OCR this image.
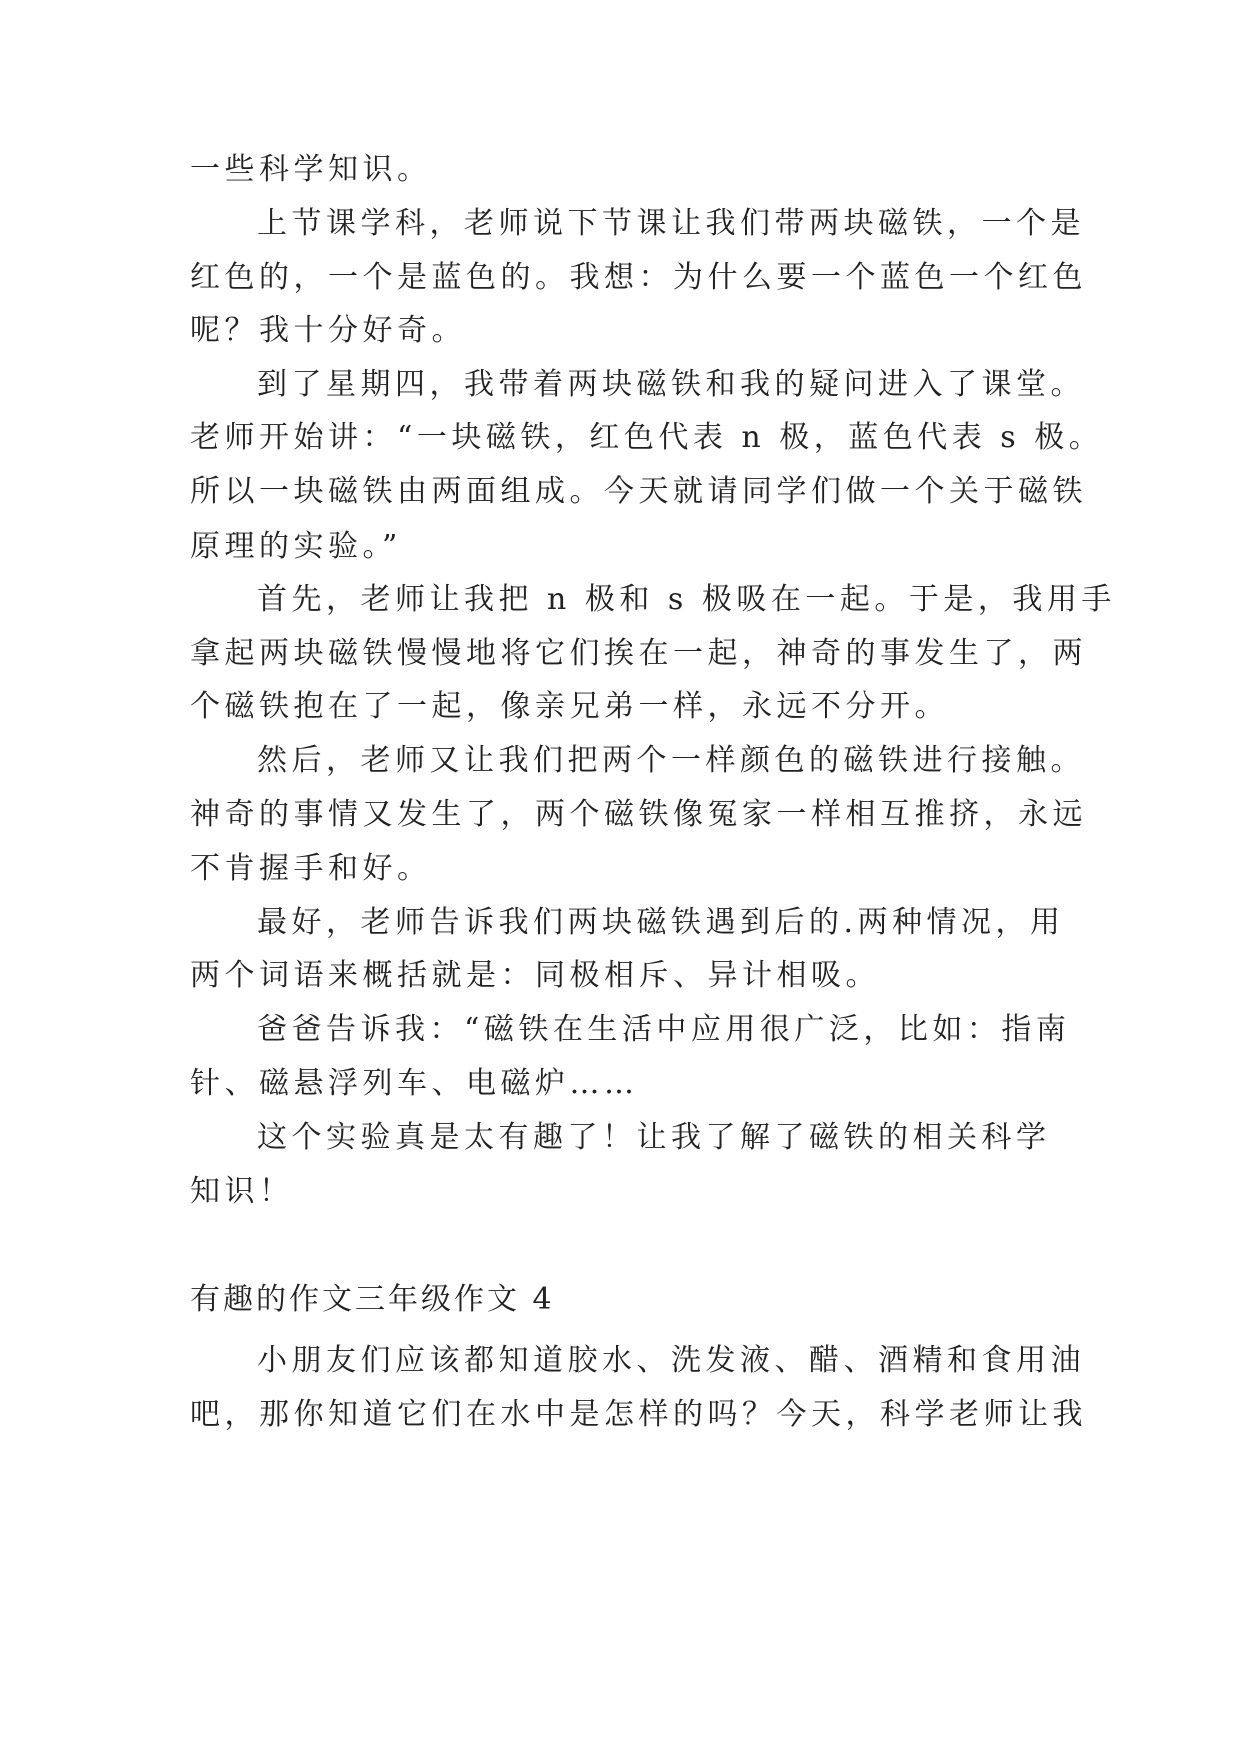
一些科学知识。
上节课学科，老师说下节课让我们带两块磁铁，一个是
红色的，一个是蓝色的。我想：为什么要一个蓝色一个红色
呢？我十分好奇。
到了星期四，我带着两块磁铁和我的疑问进入了课堂。
老师开始讲：“一块磁铁，红色代表 n 极，蓝色代表 s 极。
所以一块磁铁由两面组成。今天就请同学们做一个关于磁铁
原理的实验。”
首先，老师让我把 n 极和 s 极吸在一起。于是，我用手
拿起两块磁铁慢慢地将它们挨在一起，神奇的事发生了，两
个磁铁抱在了一起，像亲兄弟一样，永远不分开。
然后，老师又让我们把两个一样颜色的磁铁进行接触。
神奇的事情又发生了，两个磁铁像冤家一样相互推挤，永远
不肯握手和好。
最好，老师告诉我们两块磁铁遇到后的.两种情况，用
两个词语来概括就是：同极相斥、异计相吸。
爸爸告诉我：“磁铁在生活中应用很广泛，比如：指南
针、磁悬浮列车、电磁炉……
这个实验真是太有趣了！让我了解了磁铁的相关科学
知识！
有趣的作文三年级作文 4
小朋友们应该都知道胶水、洗发液、醋、酒精和食用油
吧，那你知道它们在水中是怎样的吗？今天，科学老师让我
